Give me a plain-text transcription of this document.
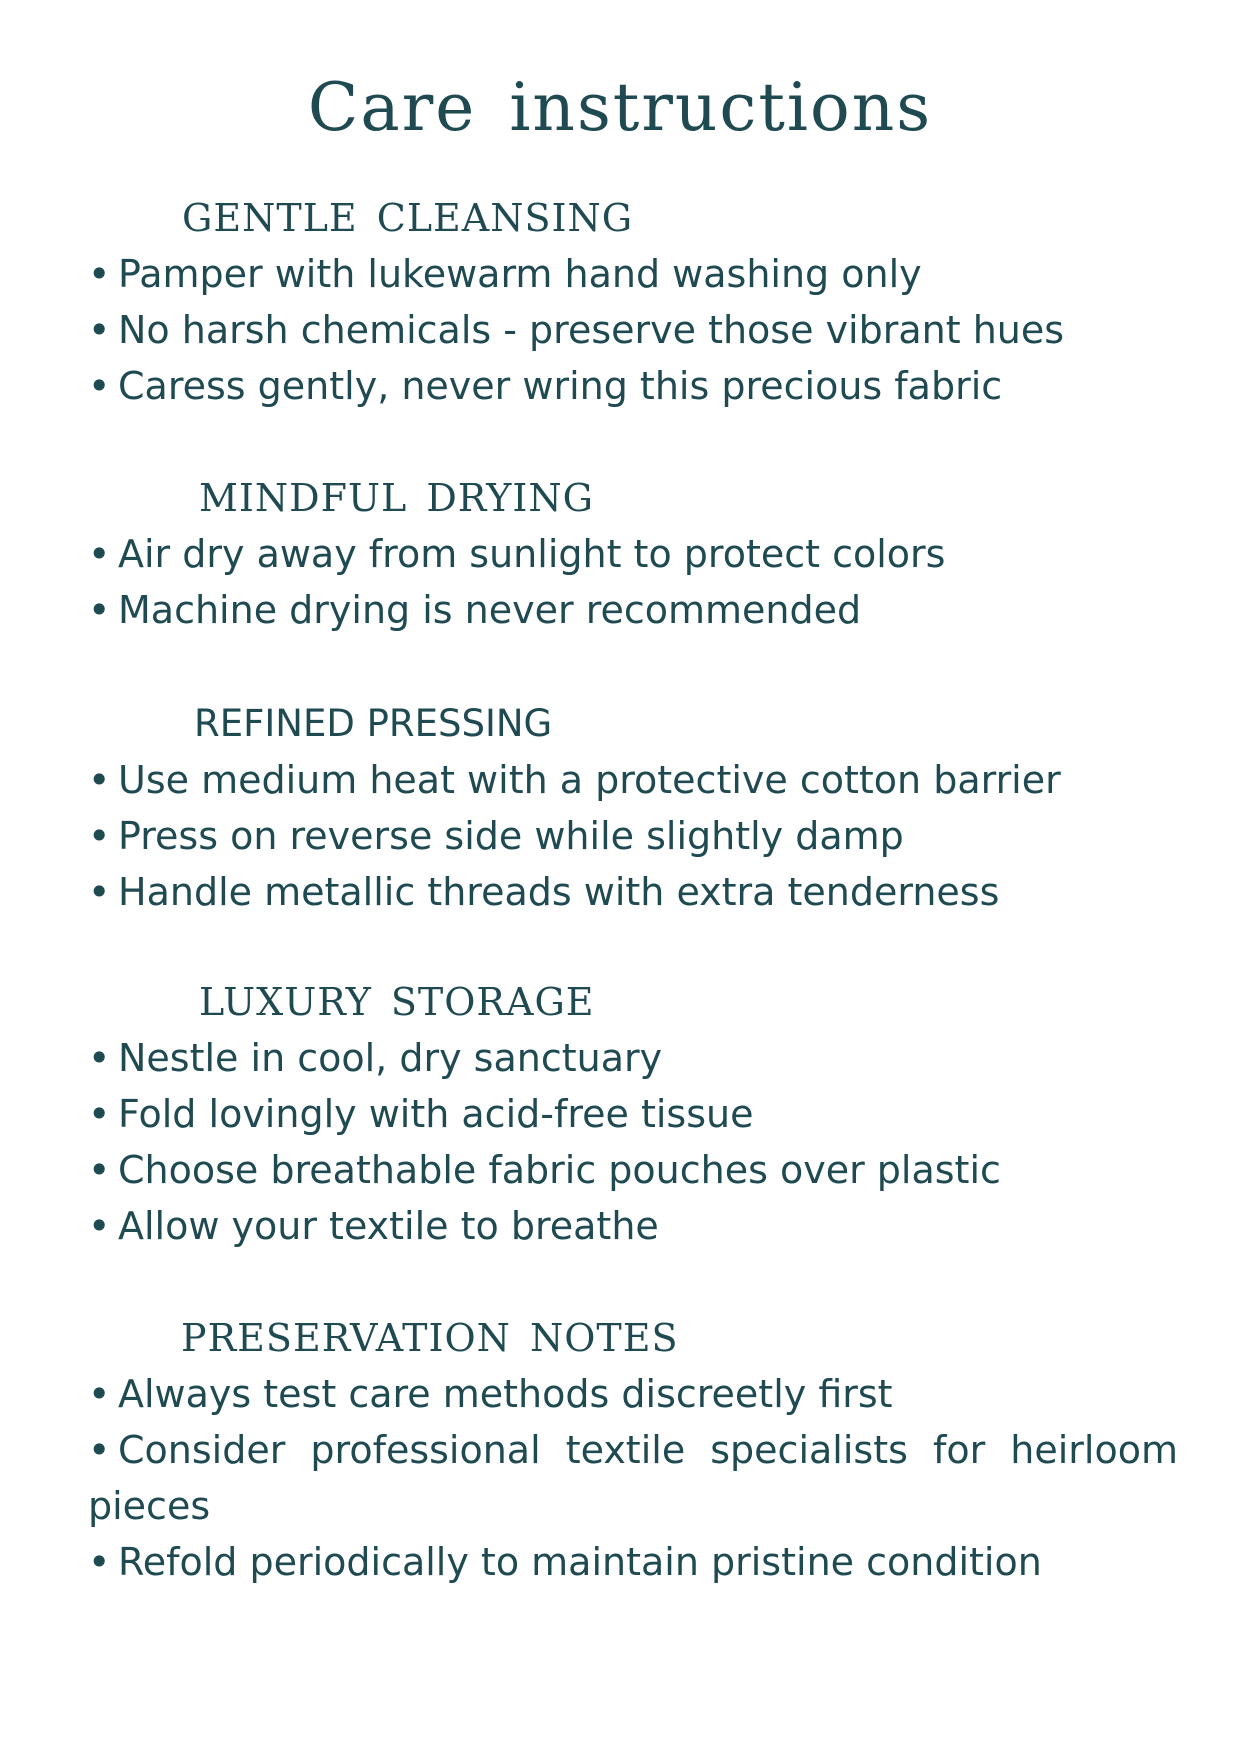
Care instructions
GENTLE CLEANSING
• Pamper with lukewarm hand washing only
• No harsh chemicals - preserve those vibrant hues
• Caress gently, never wring this precious fabric
MINDFUL DRYING
• Air dry away from sunlight to protect colors
• Machine drying is never recommended
REFINED PRESSING
• Use medium heat with a protective cotton barrier
• Press on reverse side while slightly damp
• Handle metallic threads with extra tenderness
LUXURY STORAGE
• Nestle in cool, dry sanctuary
• Fold lovingly with acid-free tissue
• Choose breathable fabric pouches over plastic
• Allow your textile to breathe
PRESERVATION NOTES
• Always test care methods discreetly first
• Consider professional textile specialists for heirloom pieces
• Refold periodically to maintain pristine condition
